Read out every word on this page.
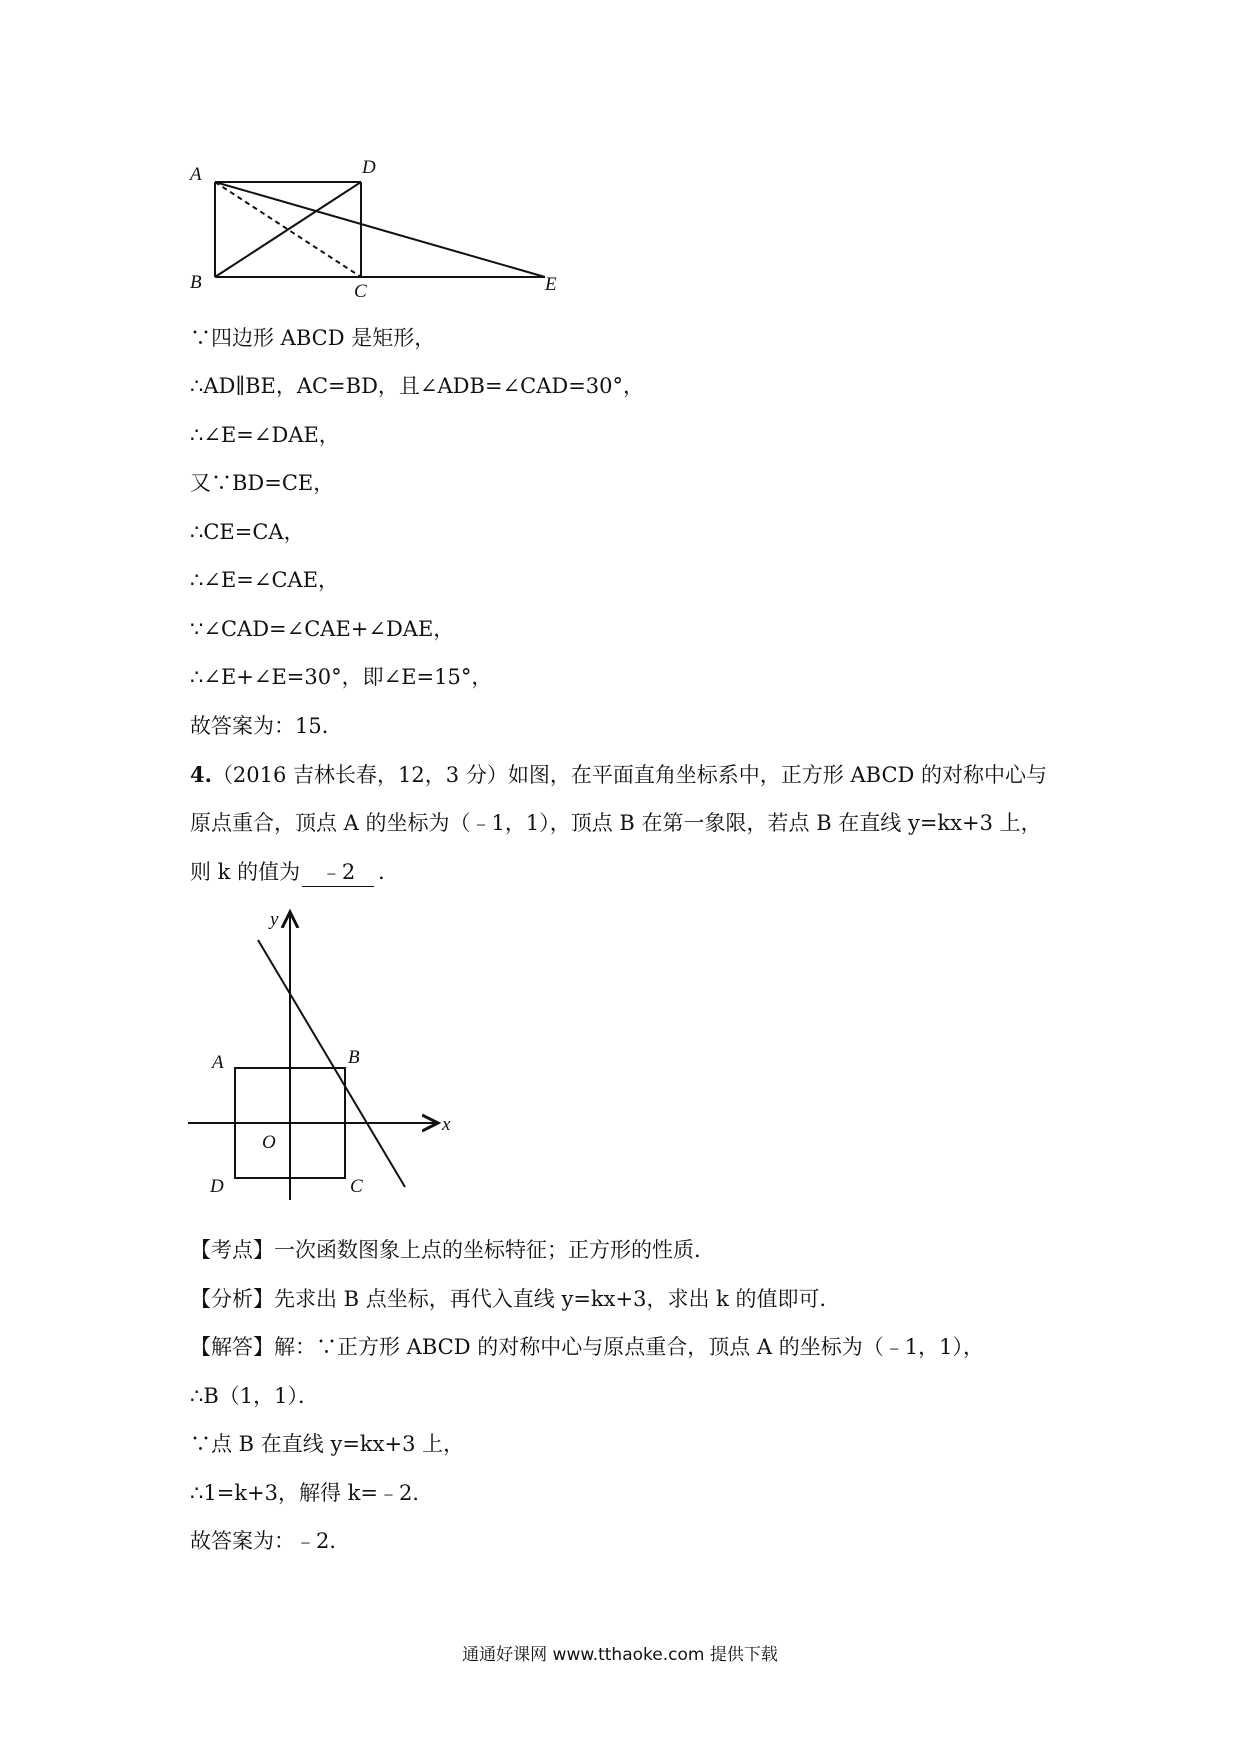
A	D
B	C	E
∵四边形 ABCD 是矩形，
∴AD∥BE，AC=BD，且∠ADB=∠CAD=30°，
∴∠E=∠DAE，
又∵BD=CE，
∴CE=CA，
∴∠E=∠CAE，
∵∠CAD=∠CAE+∠DAE，
∴∠E+∠E=30°，即∠E=15°，
故答案为：15．
4.（2016 吉林长春，12，3 分）如图，在平面直角坐标系中，正方形 ABCD 的对称中心与
原点重合，顶点 A 的坐标为（﹣1，1），顶点 B 在第一象限，若点 B 在直线 y=kx+3 上，
则 k 的值为 ﹣2 ．
y
x
A	B
O
D	C
【考点】一次函数图象上点的坐标特征；正方形的性质．
【分析】先求出 B 点坐标，再代入直线 y=kx+3，求出 k 的值即可．
【解答】解：∵正方形 ABCD 的对称中心与原点重合，顶点 A 的坐标为（﹣1，1），
∴B（1，1）．
∵点 B 在直线 y=kx+3 上，
∴1=k+3，解得 k=﹣2．
故答案为：﹣2．
通通好课网 www.tthaoke.com 提供下载
